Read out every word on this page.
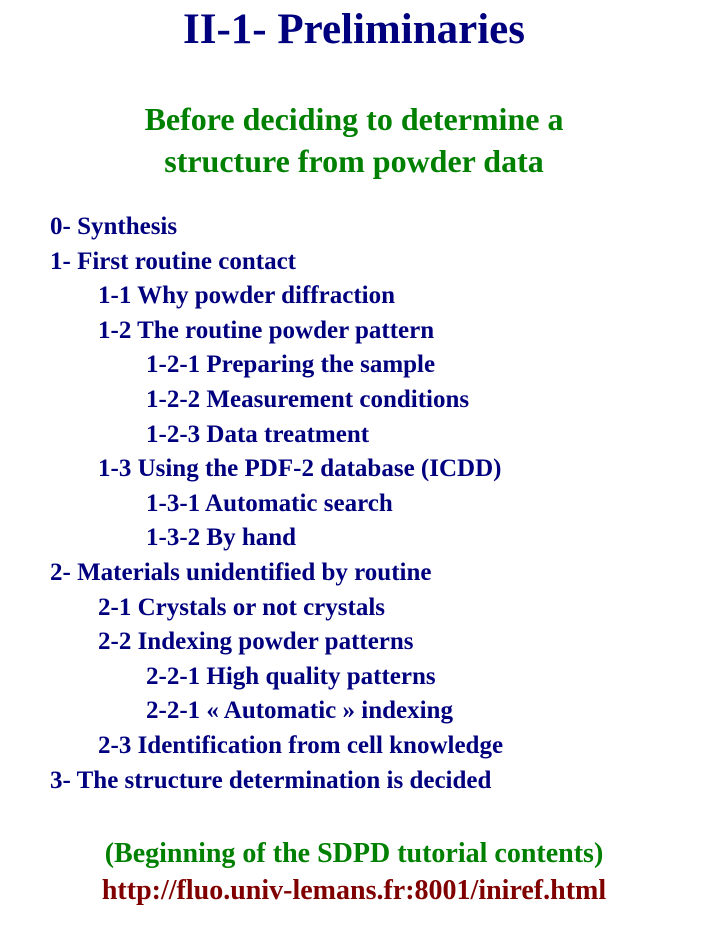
II-1- Preliminaries
Before deciding to determine a
structure from powder data
0- Synthesis
1- First routine contact
1-1 Why powder diffraction
1-2 The routine powder pattern
1-2-1 Preparing the sample
1-2-2 Measurement conditions
1-2-3 Data treatment
1-3 Using the PDF-2 database (ICDD)
1-3-1 Automatic search
1-3-2 By hand
2- Materials unidentified by routine
2-1 Crystals or not crystals
2-2 Indexing powder patterns
2-2-1 High quality patterns
2-2-1 « Automatic » indexing
2-3 Identification from cell knowledge
3- The structure determination is decided
(Beginning of the SDPD tutorial contents)
http://fluo.univ-lemans.fr:8001/iniref.html
